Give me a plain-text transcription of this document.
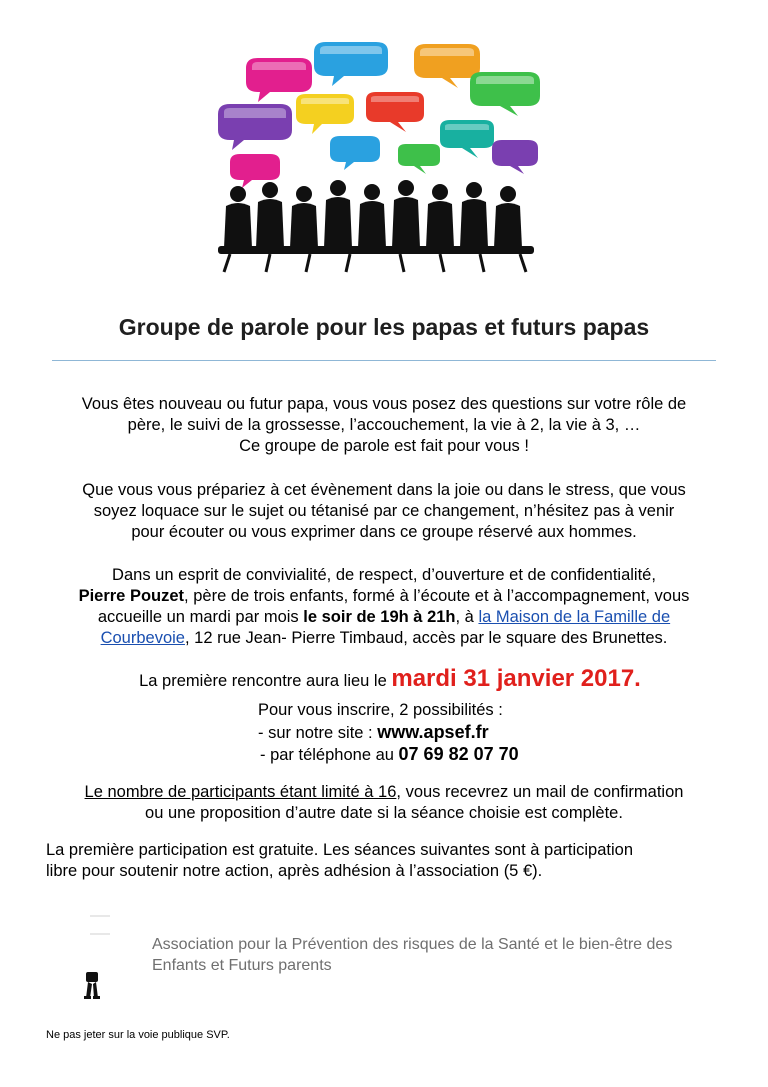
Groupe de parole pour les papas et futurs papas
Vous êtes nouveau ou futur papa, vous vous posez des questions sur votre rôle de
père, le suivi de la grossesse, l’accouchement, la vie à 2, la vie à 3, …
Ce groupe de parole est fait pour vous !
Que vous vous prépariez à cet évènement dans la joie ou dans le stress, que vous
soyez loquace sur le sujet ou tétanisé par ce changement, n’hésitez pas à venir
pour écouter ou vous exprimer dans ce groupe réservé aux hommes.
Dans un esprit de convivialité, de respect, d’ouverture et de confidentialité,
Pierre Pouzet, père de trois enfants, formé à l’écoute et à l’accompagnement, vous
accueille un mardi par mois le soir de 19h à 21h, à la Maison de la Famille de
Courbevoie, 12 rue Jean- Pierre Timbaud, accès par le square des Brunettes.
La première rencontre aura lieu le mardi 31 janvier 2017.
Pour vous inscrire, 2 possibilités :
- sur notre site : www.apsef.fr
- par téléphone au 07 69 82 07 70
Le nombre de participants étant limité à 16, vous recevrez un mail de confirmation
ou une proposition d’autre date si la séance choisie est complète.
La première participation est gratuite. Les séances suivantes sont à participation
libre pour soutenir notre action, après adhésion à l’association (5 €).
Association pour la Prévention des risques de la Santé et le bien-être des
Enfants et Futurs parents
Ne pas jeter sur la voie publique SVP.
